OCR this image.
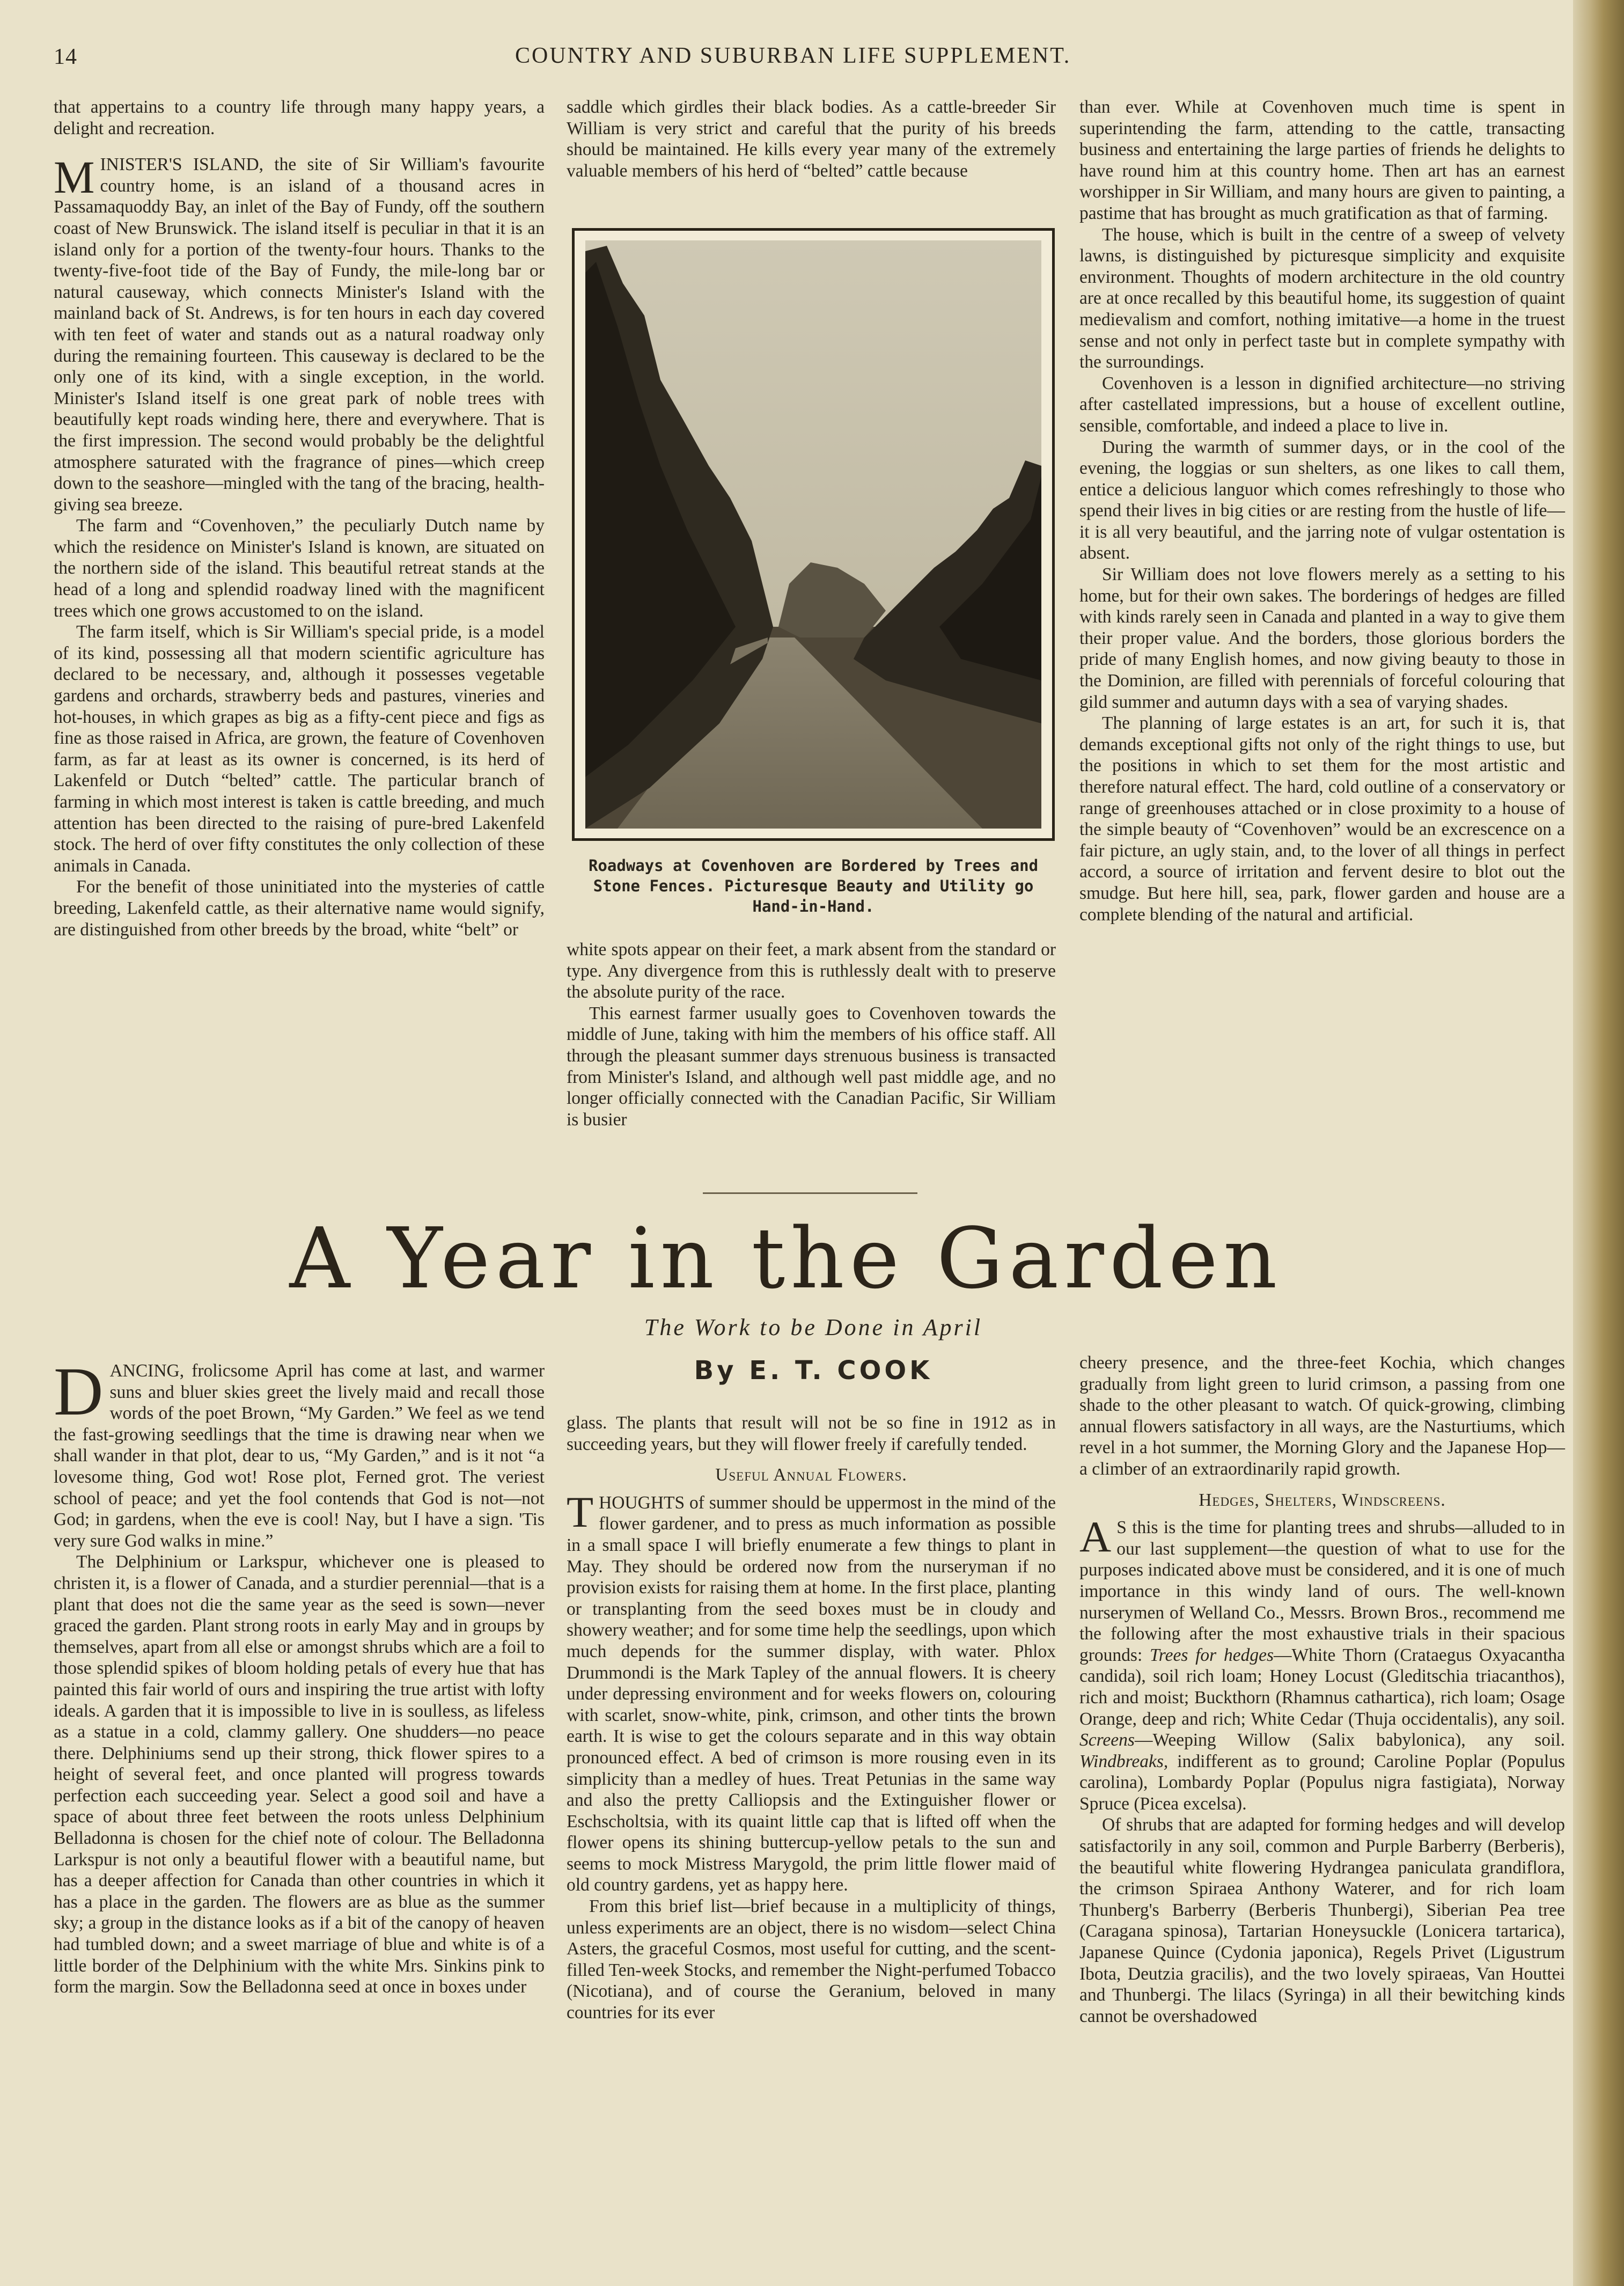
14	COUNTRY AND SUBURBAN LIFE SUPPLEMENT.

that appertains to a country life through many happy years, a delight and recreation.

MINISTER'S ISLAND, the site of Sir William's favourite country home, is an island of a thousand acres in Passamaquoddy Bay, an inlet of the Bay of Fundy, off the southern coast of New Brunswick. The island itself is peculiar in that it is an island only for a portion of the twenty-four hours. Thanks to the twenty-five-foot tide of the Bay of Fundy, the mile-long bar or natural causeway, which connects Minister's Island with the mainland back of St. Andrews, is for ten hours in each day covered with ten feet of water and stands out as a natural roadway only during the remaining fourteen. This causeway is declared to be the only one of its kind, with a single exception, in the world. Minister's Island itself is one great park of noble trees with beautifully kept roads winding here, there and everywhere. That is the first impression. The second would probably be the delightful atmosphere saturated with the fragrance of pines—which creep down to the seashore—mingled with the tang of the bracing, health-giving sea breeze.

The farm and “Covenhoven,” the peculiarly Dutch name by which the residence on Minister's Island is known, are situated on the northern side of the island. This beautiful retreat stands at the head of a long and splendid roadway lined with the magnificent trees which one grows accustomed to on the island.

The farm itself, which is Sir William's special pride, is a model of its kind, possessing all that modern scientific agriculture has declared to be necessary, and, although it possesses vegetable gardens and orchards, strawberry beds and pastures, vineries and hot-houses, in which grapes as big as a fifty-cent piece and figs as fine as those raised in Africa, are grown, the feature of Covenhoven farm, as far at least as its owner is concerned, is its herd of Lakenfeld or Dutch “belted” cattle. The particular branch of farming in which most interest is taken is cattle breeding, and much attention has been directed to the raising of pure-bred Lakenfeld stock. The herd of over fifty constitutes the only collection of these animals in Canada.

For the benefit of those uninitiated into the mysteries of cattle breeding, Lakenfeld cattle, as their alternative name would signify, are distinguished from other breeds by the broad, white “belt” or

saddle which girdles their black bodies. As a cattle-breeder Sir William is very strict and careful that the purity of his breeds should be maintained. He kills every year many of the extremely valuable members of his herd of “belted” cattle because

Roadways at Covenhoven are Bordered by Trees and Stone Fences. Picturesque Beauty and Utility go Hand-in-Hand.

white spots appear on their feet, a mark absent from the standard or type. Any divergence from this is ruthlessly dealt with to preserve the absolute purity of the race.

This earnest farmer usually goes to Covenhoven towards the middle of June, taking with him the members of his office staff. All through the pleasant summer days strenuous business is transacted from Minister's Island, and although well past middle age, and no longer officially connected with the Canadian Pacific, Sir William is busier

than ever. While at Covenhoven much time is spent in superintending the farm, attending to the cattle, transacting business and entertaining the large parties of friends he delights to have round him at this country home. Then art has an earnest worshipper in Sir William, and many hours are given to painting, a pastime that has brought as much gratification as that of farming.

The house, which is built in the centre of a sweep of velvety lawns, is distinguished by picturesque simplicity and exquisite environment. Thoughts of modern architecture in the old country are at once recalled by this beautiful home, its suggestion of quaint medievalism and comfort, nothing imitative—a home in the truest sense and not only in perfect taste but in complete sympathy with the surroundings.

Covenhoven is a lesson in dignified architecture—no striving after castellated impressions, but a house of excellent outline, sensible, comfortable, and indeed a place to live in.

During the warmth of summer days, or in the cool of the evening, the loggias or sun shelters, as one likes to call them, entice a delicious languor which comes refreshingly to those who spend their lives in big cities or are resting from the hustle of life—it is all very beautiful, and the jarring note of vulgar ostentation is absent.

Sir William does not love flowers merely as a setting to his home, but for their own sakes. The borderings of hedges are filled with kinds rarely seen in Canada and planted in a way to give them their proper value. And the borders, those glorious borders the pride of many English homes, and now giving beauty to those in the Dominion, are filled with perennials of forceful colouring that gild summer and autumn days with a sea of varying shades.

The planning of large estates is an art, for such it is, that demands exceptional gifts not only of the right things to use, but the positions in which to set them for the most artistic and therefore natural effect. The hard, cold outline of a conservatory or range of greenhouses attached or in close proximity to a house of the simple beauty of “Covenhoven” would be an excrescence on a fair picture, an ugly stain, and, to the lover of all things in perfect accord, a source of irritation and fervent desire to blot out the smudge. But here hill, sea, park, flower garden and house are a complete blending of the natural and artificial.

A Year in the Garden
The Work to be Done in April
By E. T. COOK

DANCING, frolicsome April has come at last, and warmer suns and bluer skies greet the lively maid and recall those words of the poet Brown, “My Garden.” We feel as we tend the fast-growing seedlings that the time is drawing near when we shall wander in that plot, dear to us, “My Garden,” and is it not “a lovesome thing, God wot! Rose plot, Ferned grot. The veriest school of peace; and yet the fool contends that God is not—not God; in gardens, when the eve is cool! Nay, but I have a sign. 'Tis very sure God walks in mine.”

The Delphinium or Larkspur, whichever one is pleased to christen it, is a flower of Canada, and a sturdier perennial—that is a plant that does not die the same year as the seed is sown—never graced the garden. Plant strong roots in early May and in groups by themselves, apart from all else or amongst shrubs which are a foil to those splendid spikes of bloom holding petals of every hue that has painted this fair world of ours and inspiring the true artist with lofty ideals. A garden that it is impossible to live in is soulless, as lifeless as a statue in a cold, clammy gallery. One shudders—no peace there. Delphiniums send up their strong, thick flower spires to a height of several feet, and once planted will progress towards perfection each succeeding year. Select a good soil and have a space of about three feet between the roots unless Delphinium Belladonna is chosen for the chief note of colour. The Belladonna Larkspur is not only a beautiful flower with a beautiful name, but has a deeper affection for Canada than other countries in which it has a place in the garden. The flowers are as blue as the summer sky; a group in the distance looks as if a bit of the canopy of heaven had tumbled down; and a sweet marriage of blue and white is of a little border of the Delphinium with the white Mrs. Sinkins pink to form the margin. Sow the Belladonna seed at once in boxes under

glass. The plants that result will not be so fine in 1912 as in succeeding years, but they will flower freely if carefully tended.

Useful Annual Flowers.

THOUGHTS of summer should be uppermost in the mind of the flower gardener, and to press as much information as possible in a small space I will briefly enumerate a few things to plant in May. They should be ordered now from the nurseryman if no provision exists for raising them at home. In the first place, planting or transplanting from the seed boxes must be in cloudy and showery weather; and for some time help the seedlings, upon which much depends for the summer display, with water. Phlox Drummondi is the Mark Tapley of the annual flowers. It is cheery under depressing environment and for weeks flowers on, colouring with scarlet, snow-white, pink, crimson, and other tints the brown earth. It is wise to get the colours separate and in this way obtain pronounced effect. A bed of crimson is more rousing even in its simplicity than a medley of hues. Treat Petunias in the same way and also the pretty Calliopsis and the Extinguisher flower or Eschscholtsia, with its quaint little cap that is lifted off when the flower opens its shining buttercup-yellow petals to the sun and seems to mock Mistress Marygold, the prim little flower maid of old country gardens, yet as happy here.

From this brief list—brief because in a multiplicity of things, unless experiments are an object, there is no wisdom—select China Asters, the graceful Cosmos, most useful for cutting, and the scent-filled Ten-week Stocks, and remember the Night-perfumed Tobacco (Nicotiana), and of course the Geranium, beloved in many countries for its ever

cheery presence, and the three-feet Kochia, which changes gradually from light green to lurid crimson, a passing from one shade to the other pleasant to watch. Of quick-growing, climbing annual flowers satisfactory in all ways, are the Nasturtiums, which revel in a hot summer, the Morning Glory and the Japanese Hop—a climber of an extraordinarily rapid growth.

Hedges, Shelters, Windscreens.

A S this is the time for planting trees and shrubs—alluded to in our last supplement—the question of what to use for the purposes indicated above must be considered, and it is one of much importance in this windy land of ours. The well-known nurserymen of Welland Co., Messrs. Brown Bros., recommend me the following after the most exhaustive trials in their spacious grounds: Trees for hedges—White Thorn (Crataegus Oxyacantha candida), soil rich loam; Honey Locust (Gleditschia triacanthos), rich and moist; Buckthorn (Rhamnus cathartica), rich loam; Osage Orange, deep and rich; White Cedar (Thuja occidentalis), any soil. Screens—Weeping Willow (Salix babylonica), any soil. Windbreaks, indifferent as to ground; Caroline Poplar (Populus carolina), Lombardy Poplar (Populus nigra fastigiata), Norway Spruce (Picea excelsa).

Of shrubs that are adapted for forming hedges and will develop satisfactorily in any soil, common and Purple Barberry (Berberis), the beautiful white flowering Hydrangea paniculata grandiflora, the crimson Spiraea Anthony Waterer, and for rich loam Thunberg's Barberry (Berberis Thunbergi), Siberian Pea tree (Caragana spinosa), Tartarian Honeysuckle (Lonicera tartarica), Japanese Quince (Cydonia japonica), Regels Privet (Ligustrum Ibota, Deutzia gracilis), and the two lovely spiraeas, Van Houttei and Thunbergi. The lilacs (Syringa) in all their bewitching kinds cannot be overshadowed
